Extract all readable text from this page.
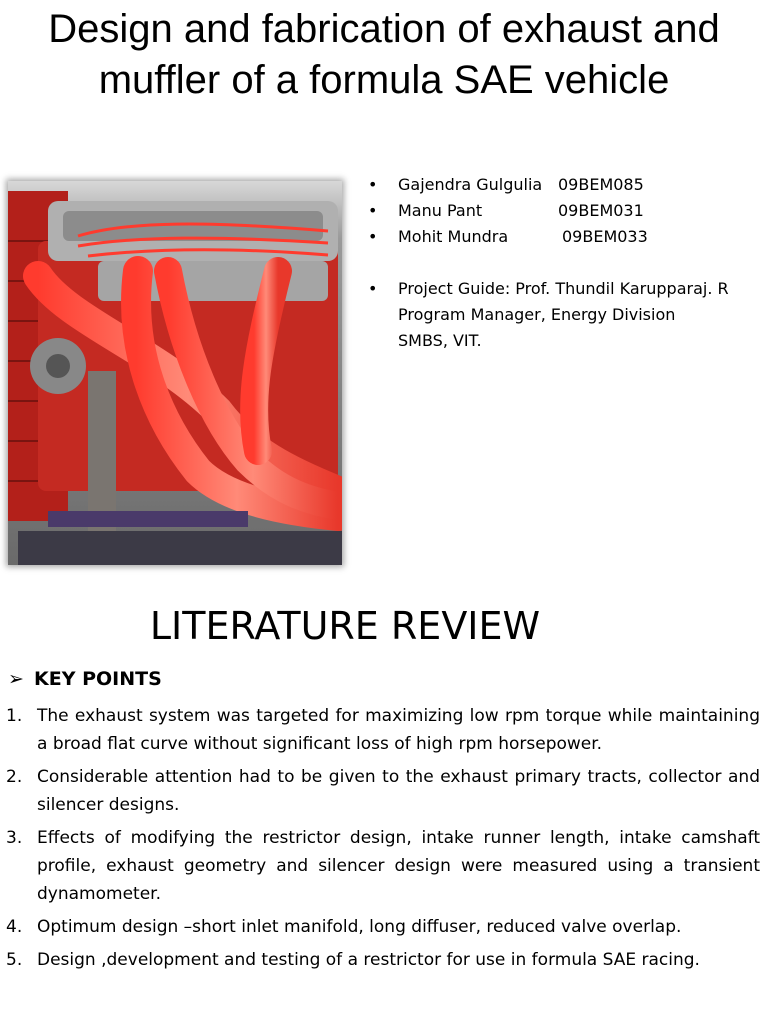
Design and fabrication of exhaust and muffler of a formula SAE vehicle
• Gajendra Gulgulia 09BEM085
• Manu Pant	09BEM031
• Mohit Mundra	09BEM033
• Project Guide: Prof. Thundil Karupparaj. R
Program Manager, Energy Division
SMBS, VIT.
LITERATURE REVIEW
➢ KEY POINTS
1. The exhaust system was targeted for maximizing low rpm torque while maintaining a broad flat curve without significant loss of high rpm horsepower.
2. Considerable attention had to be given to the exhaust primary tracts, collector and silencer designs.
3. Effects of modifying the restrictor design, intake runner length, intake camshaft profile, exhaust geometry and silencer design were measured using a transient dynamometer.
4. Optimum design –short inlet manifold, long diffuser, reduced valve overlap.
5. Design ,development and testing of a restrictor for use in formula SAE racing.
